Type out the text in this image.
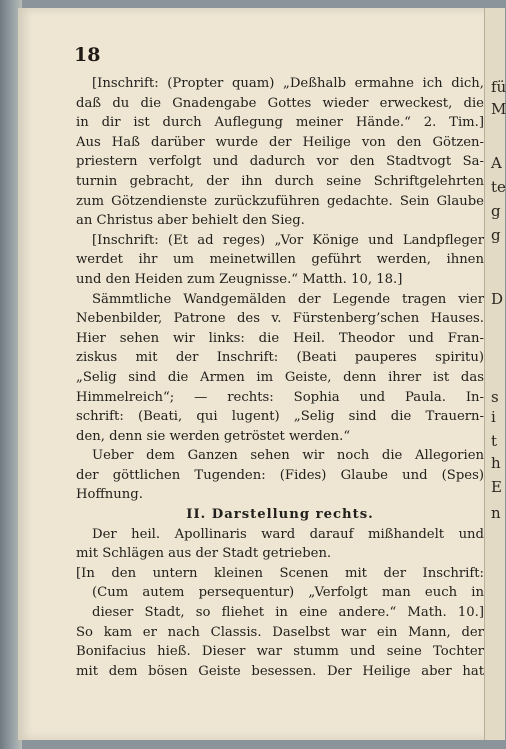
18
[Inschrift: (Propter quam) „Deßhalb ermahne ich dich,
daß du die Gnadengabe Gottes wieder erweckest, die
in dir ist durch Auflegung meiner Hände.“ 2. Tim.]
Aus Haß darüber wurde der Heilige von den Götzen-
priestern verfolgt und dadurch vor den Stadtvogt Sa-
turnin gebracht, der ihn durch seine Schriftgelehrten
zum Götzendienste zurückzuführen gedachte. Sein Glaube
an Christus aber behielt den Sieg.
[Inschrift: (Et ad reges) „Vor Könige und Landpfleger
werdet ihr um meinetwillen geführt werden, ihnen
und den Heiden zum Zeugnisse.“ Matth. 10, 18.]
Sämmtliche Wandgemälden der Legende tragen vier
Nebenbilder, Patrone des v. Fürstenberg’schen Hauses.
Hier sehen wir links: die Heil. Theodor und Fran-
ziskus mit der Inschrift: (Beati pauperes spiritu)
„Selig sind die Armen im Geiste, denn ihrer ist das
Himmelreich“; — rechts: Sophia und Paula. In-
schrift: (Beati, qui lugent) „Selig sind die Trauern-
den, denn sie werden getröstet werden.“
Ueber dem Ganzen sehen wir noch die Allegorien
der göttlichen Tugenden: (Fides) Glaube und (Spes)
Hoffnung.
II. Darstellung rechts.
Der heil. Apollinaris ward darauf mißhandelt und
mit Schlägen aus der Stadt getrieben.
[In den untern kleinen Scenen mit der Inschrift:
(Cum autem persequentur) „Verfolgt man euch in
dieser Stadt, so fliehet in eine andere.“ Math. 10.]
So kam er nach Classis. Daselbst war ein Mann, der
Bonifacius hieß. Dieser war stumm und seine Tochter
mit dem bösen Geiste besessen. Der Heilige aber hat
fü
M
A
te
g
g
D
s
i
t
h
E
n
